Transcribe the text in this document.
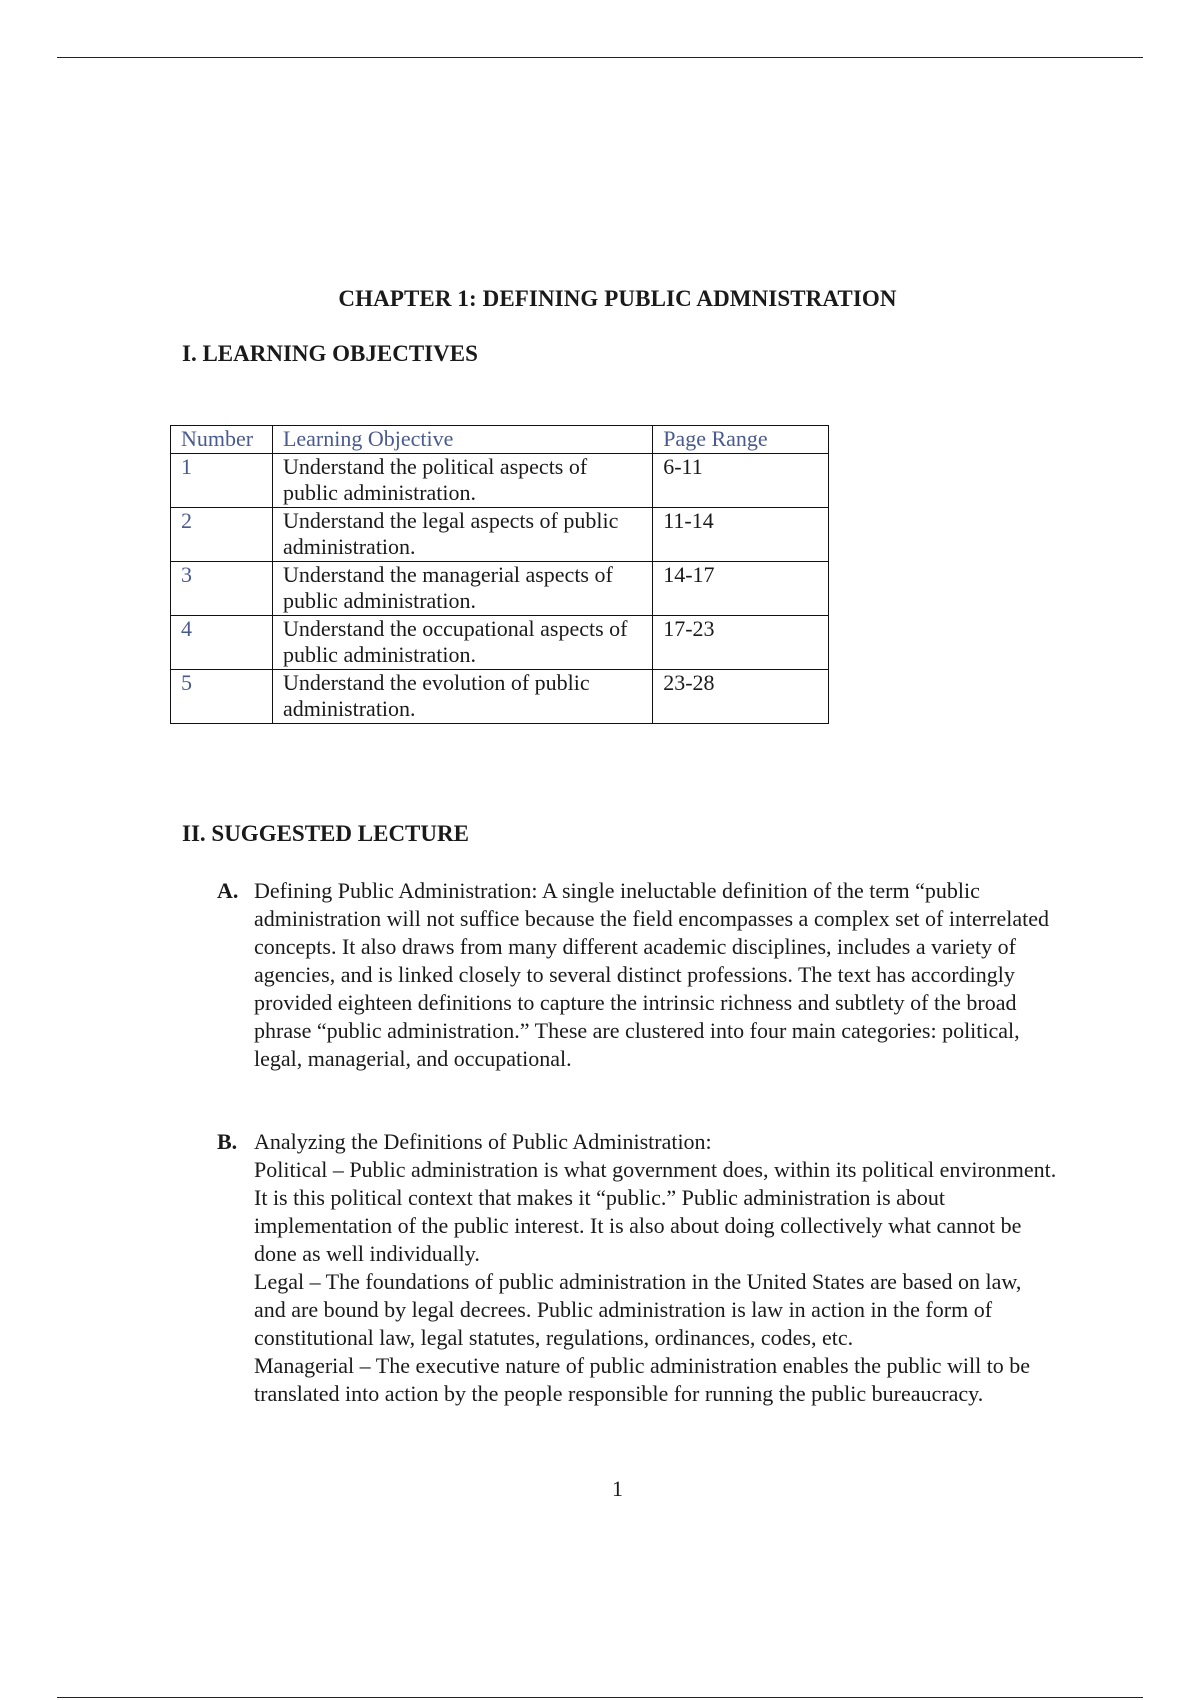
CHAPTER 1: DEFINING PUBLIC ADMNISTRATION
I. LEARNING OBJECTIVES
Number	Learning Objective	Page Range
1	Understand the political aspects of public administration.	6-11
2	Understand the legal aspects of public administration.	11-14
3	Understand the managerial aspects of public administration.	14-17
4	Understand the occupational aspects of public administration.	17-23
5	Understand the evolution of public administration.	23-28
II. SUGGESTED LECTURE
A. Defining Public Administration: A single ineluctable definition of the term “public administration will not suffice because the field encompasses a complex set of interrelated concepts. It also draws from many different academic disciplines, includes a variety of agencies, and is linked closely to several distinct professions. The text has accordingly provided eighteen definitions to capture the intrinsic richness and subtlety of the broad phrase “public administration.” These are clustered into four main categories: political, legal, managerial, and occupational.
B. Analyzing the Definitions of Public Administration:
Political – Public administration is what government does, within its political environment. It is this political context that makes it “public.” Public administration is about implementation of the public interest. It is also about doing collectively what cannot be done as well individually.
Legal – The foundations of public administration in the United States are based on law, and are bound by legal decrees. Public administration is law in action in the form of constitutional law, legal statutes, regulations, ordinances, codes, etc.
Managerial – The executive nature of public administration enables the public will to be translated into action by the people responsible for running the public bureaucracy.
1
